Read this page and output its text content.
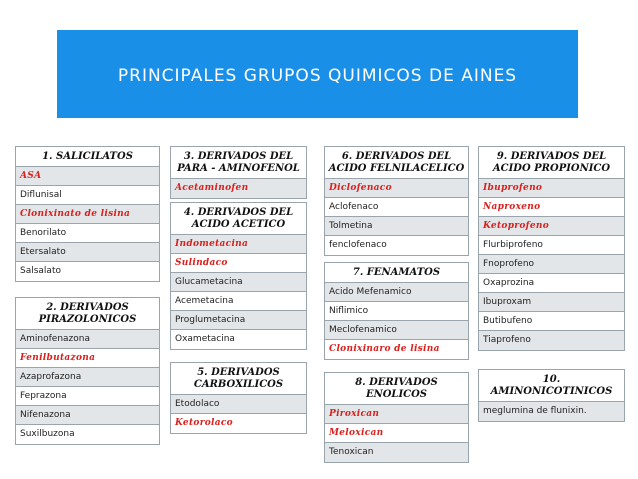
PRINCIPALES GRUPOS QUIMICOS DE AINES
1. SALICILATOS
ASA
Diflunisal
Clonixinato de lisina
Benorilato
Etersalato
Salsalato
2. DERIVADOS PIRAZOLONICOS
Aminofenazona
Fenilbutazona
Azaprofazona
Feprazona
Nifenazona
Suxilbuzona
3. DERIVADOS DEL PARA - AMINOFENOL
Acetaminofen
4. DERIVADOS DEL ACIDO ACETICO
Indometacina
Sulindaco
Glucametacina
Acemetacina
Proglumetacina
Oxametacina
5. DERIVADOS CARBOXILICOS
Etodolaco
Ketorolaco
6. DERIVADOS DEL ACIDO FELNILACELICO
Diclofenaco
Aclofenaco
Tolmetina
fenclofenaco
7. FENAMATOS
Acido Mefenamico
Niflimico
Meclofenamico
Clonixinaro de lisina
8. DERIVADOS ENOLICOS
Piroxican
Meloxican
Tenoxican
9. DERIVADOS DEL ACIDO PROPIONICO
Ibuprofeno
Naproxeno
Ketoprofeno
Flurbiprofeno
Fnoprofeno
Oxaprozina
Ibuproxam
Butibufeno
Tiaprofeno
10. AMINONICOTINICOS
meglumina de flunixin.
